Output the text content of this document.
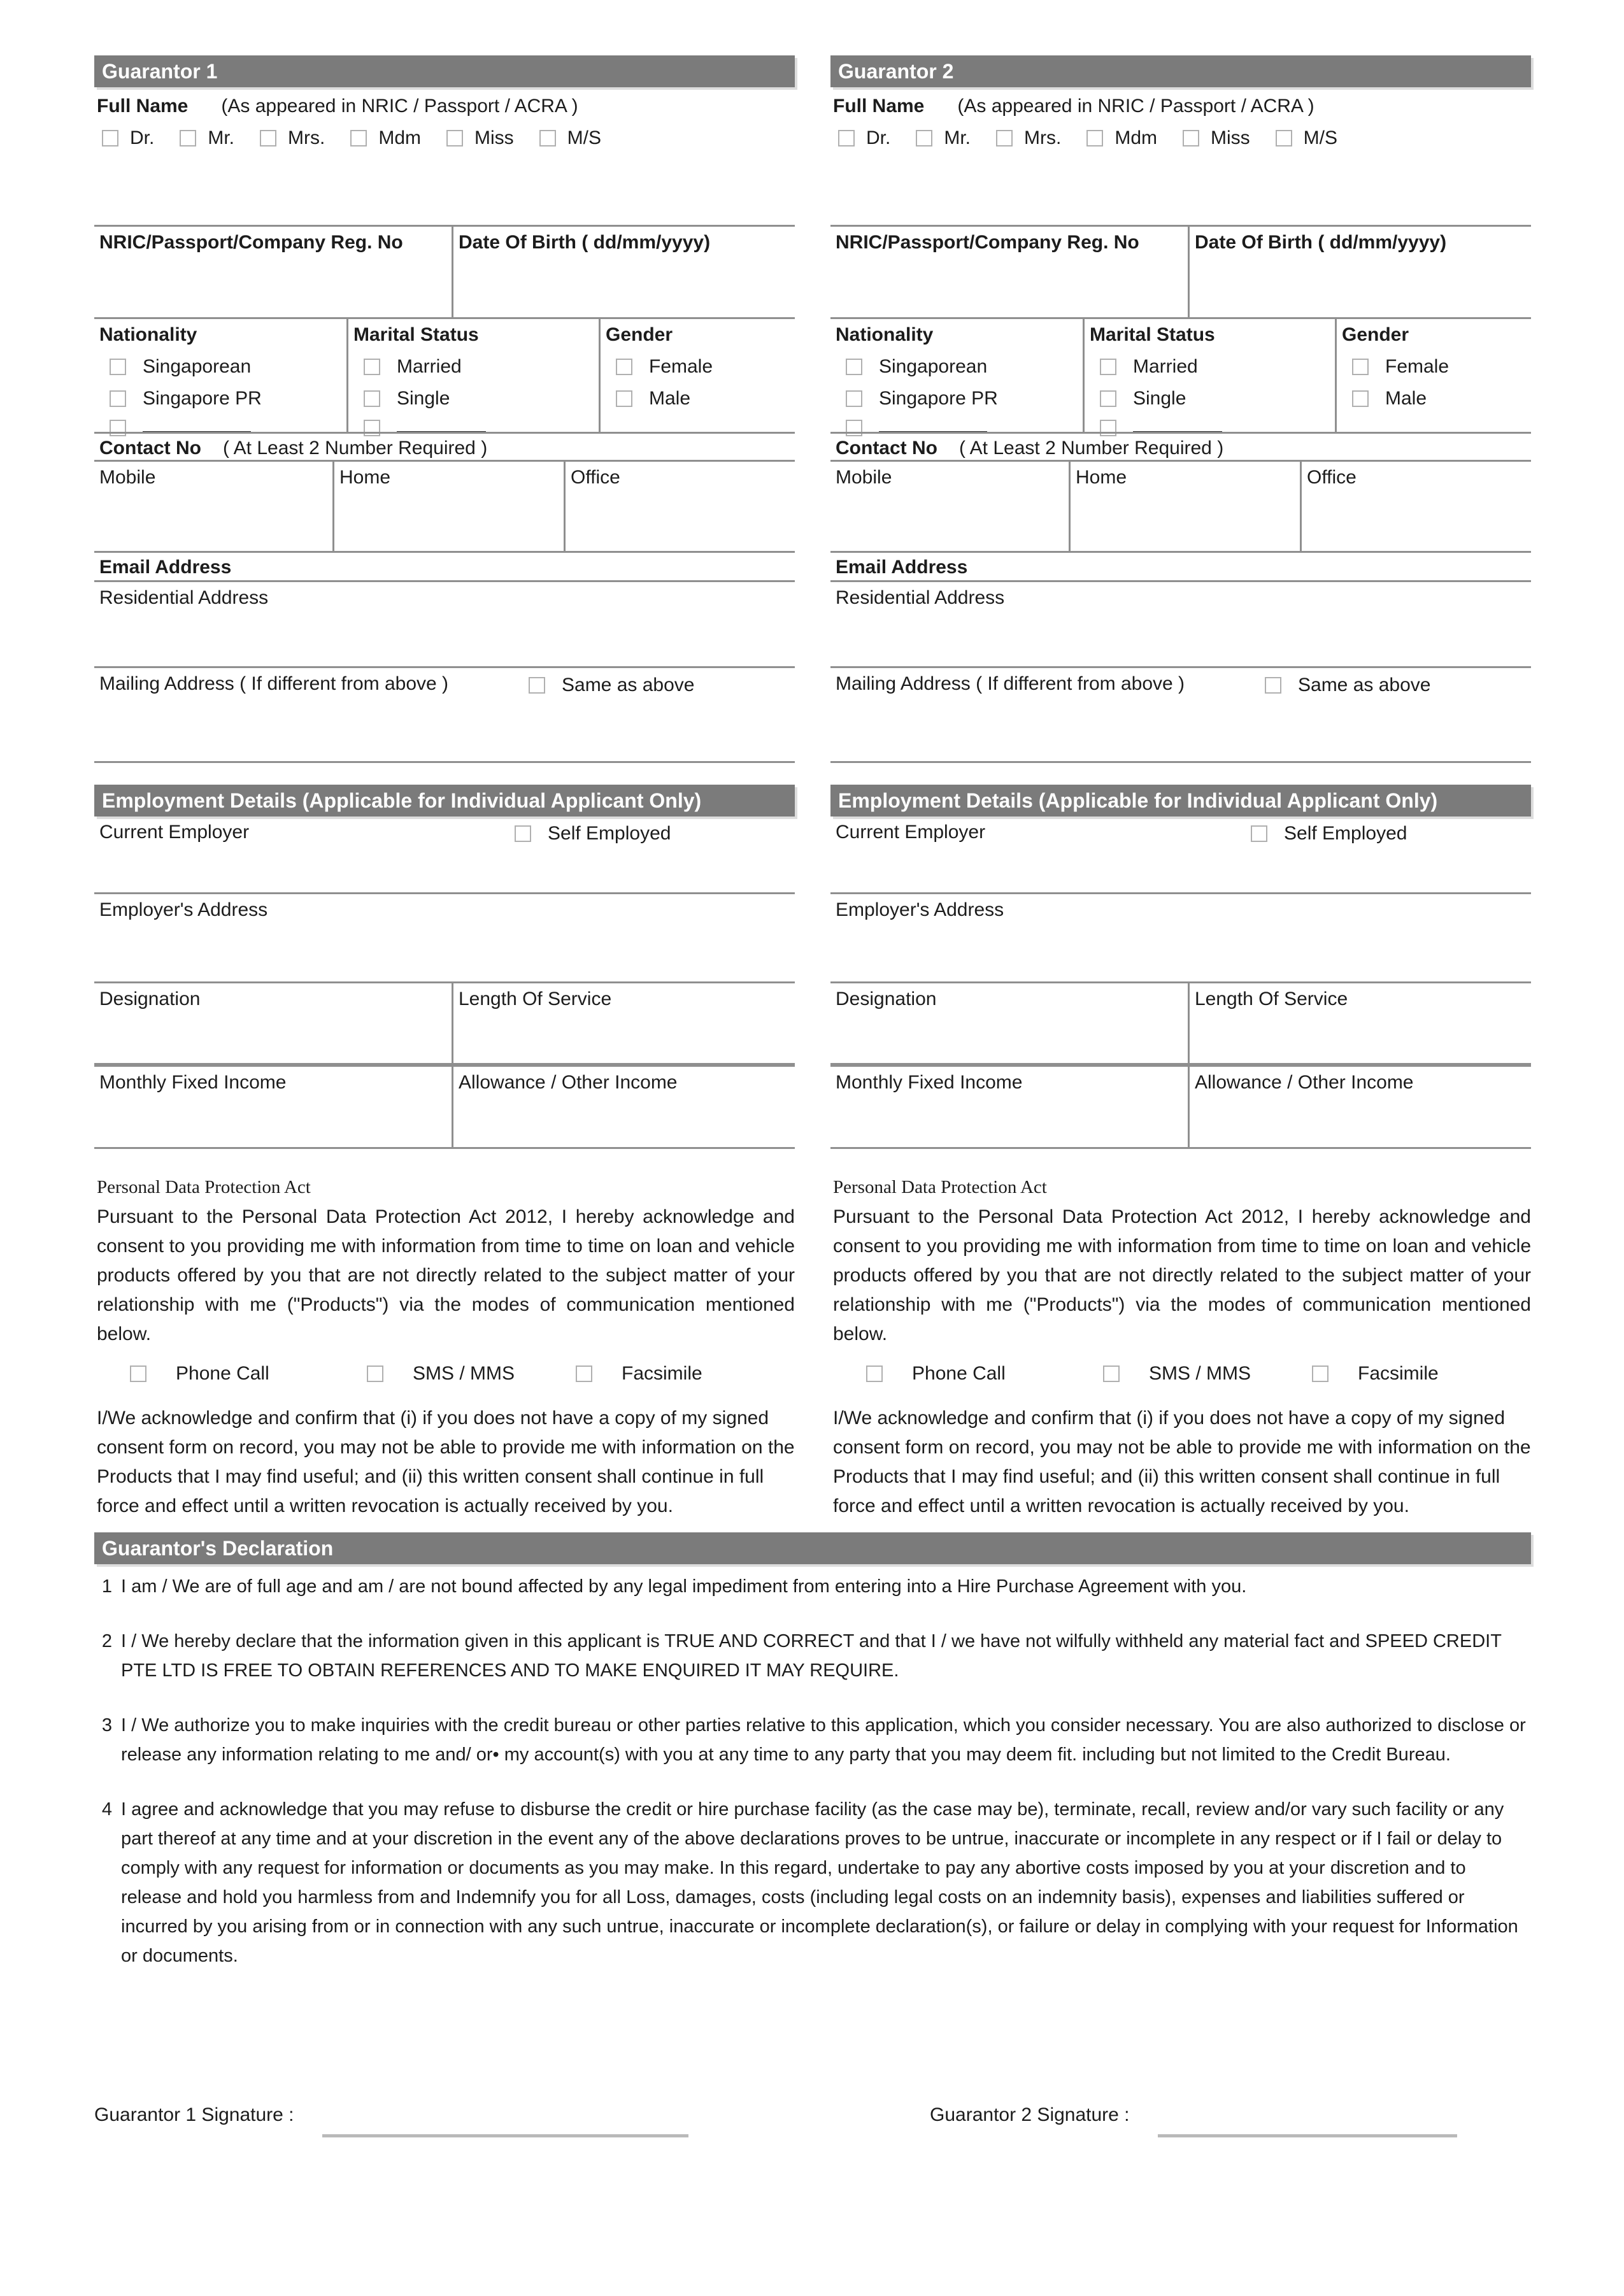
Guarantor 1
Full Name (As appeared in NRIC / Passport / ACRA )
Dr.	Mr.	Mrs.	Mdm	Miss	M/S
NRIC/Passport/Company Reg. No	Date Of Birth ( dd/mm/yyyy)
Nationality
Singaporean
Singapore PR
Marital Status
Married
Single
Gender
Female
Male
Contact No ( At Least 2 Number Required )
Mobile	Home	Office
Email Address
Residential Address
Mailing Address ( If different from above )	Same as above
Employment Details (Applicable for Individual Applicant Only)
Current Employer	Self Employed
Employer's Address
Designation	Length Of Service
Monthly Fixed Income	Allowance / Other Income
Personal Data Protection Act

Pursuant to the Personal Data Protection Act 2012, I hereby acknowledge and consent to you providing me with information from time to time on loan and vehicle products offered by you that are not directly related to the subject matter of your relationship with me ("Products") via the modes of communication mentioned below.

Phone Call	SMS / MMS	Facsimile

I/We acknowledge and confirm that (i) if you does not have a copy of my signed consent form on record, you may not be able to provide me with information on the Products that I may find useful; and (ii) this written consent shall continue in full force and effect until a written revocation is actually received by you.

Guarantor 2
Full Name (As appeared in NRIC / Passport / ACRA )
Dr.	Mr.	Mrs.	Mdm	Miss	M/S
NRIC/Passport/Company Reg. No	Date Of Birth ( dd/mm/yyyy)
Nationality
Singaporean
Singapore PR
Marital Status
Married
Single
Gender
Female
Male
Contact No ( At Least 2 Number Required )
Mobile	Home	Office
Email Address
Residential Address
Mailing Address ( If different from above )	Same as above
Employment Details (Applicable for Individual Applicant Only)
Current Employer	Self Employed
Employer's Address
Designation	Length Of Service
Monthly Fixed Income	Allowance / Other Income
Personal Data Protection Act

Pursuant to the Personal Data Protection Act 2012, I hereby acknowledge and consent to you providing me with information from time to time on loan and vehicle products offered by you that are not directly related to the subject matter of your relationship with me ("Products") via the modes of communication mentioned below.

Phone Call	SMS / MMS	Facsimile

I/We acknowledge and confirm that (i) if you does not have a copy of my signed consent form on record, you may not be able to provide me with information on the Products that I may find useful; and (ii) this written consent shall continue in full force and effect until a written revocation is actually received by you.

Guarantor's Declaration
1 I am / We are of full age and am / are not bound affected by any legal impediment from entering into a Hire Purchase Agreement with you.
2 I / We hereby declare that the information given in this applicant is TRUE AND CORRECT and that I / we have not wilfully withheld any material fact and SPEED CREDIT PTE LTD IS FREE TO OBTAIN REFERENCES AND TO MAKE ENQUIRED IT MAY REQUIRE.
3 I / We authorize you to make inquiries with the credit bureau or other parties relative to this application, which you consider necessary. You are also authorized to disclose or release any information relating to me and/ or• my account(s) with you at any time to any party that you may deem fit. including but not limited to the Credit Bureau.
4 I agree and acknowledge that you may refuse to disburse the credit or hire purchase facility (as the case may be), terminate, recall, review and/or vary such facility or any part thereof at any time and at your discretion in the event any of the above declarations proves to be untrue, inaccurate or incomplete in any respect or if I fail or delay to comply with any request for information or documents as you may make. In this regard, undertake to pay any abortive costs imposed by you at your discretion and to release and hold you harmless from and Indemnify you for all Loss, damages, costs (including legal costs on an indemnity basis), expenses and liabilities suffered or incurred by you arising from or in connection with any such untrue, inaccurate or incomplete declaration(s), or failure or delay in complying with your request for Information or documents.
Guarantor 1 Signature :	Guarantor 2 Signature :
